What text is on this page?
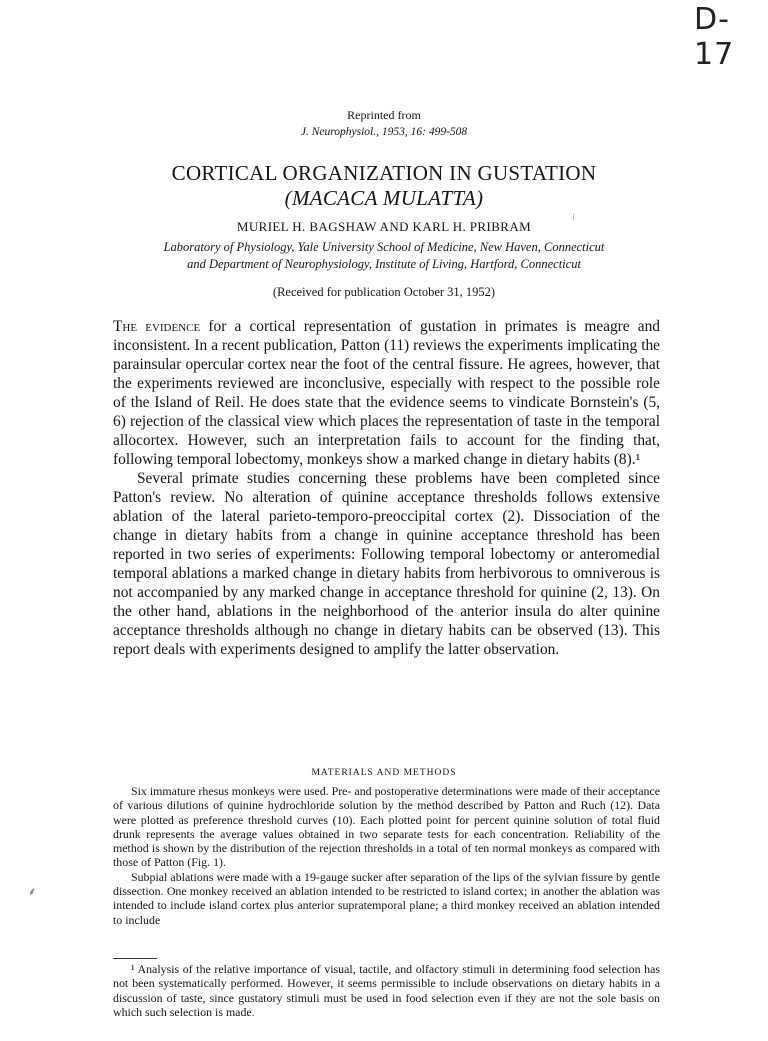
D-17
⁝
⸙
Reprinted from
J. Neurophysiol., 1953, 16: 499-508
CORTICAL ORGANIZATION IN GUSTATION
(MACACA MULATTA)
MURIEL H. BAGSHAW AND KARL H. PRIBRAM
Laboratory of Physiology, Yale University School of Medicine, New Haven, Connecticut
and Department of Neurophysiology, Institute of Living, Hartford, Connecticut
(Received for publication October 31, 1952)

The evidence for a cortical representation of gustation in primates is meagre and inconsistent. In a recent publication, Patton (11) reviews the experiments implicating the parainsular opercular cortex near the foot of the central fissure. He agrees, however, that the experiments reviewed are inconclusive, especially with respect to the possible role of the Island of Reil. He does state that the evidence seems to vindicate Bornstein's (5, 6) rejection of the classical view which places the representation of taste in the temporal allocortex. However, such an interpretation fails to account for the finding that, following temporal lobectomy, monkeys show a marked change in dietary habits (8).¹

Several primate studies concerning these problems have been completed since Patton's review. No alteration of quinine acceptance thresholds follows extensive ablation of the lateral parieto-temporo-preoccipital cortex (2). Dissociation of the change in dietary habits from a change in quinine acceptance threshold has been reported in two series of experiments: Following temporal lobectomy or anteromedial temporal ablations a marked change in dietary habits from herbivorous to omniverous is not accompanied by any marked change in acceptance threshold for quinine (2, 13). On the other hand, ablations in the neighborhood of the anterior insula do alter quinine acceptance thresholds although no change in dietary habits can be observed (13). This report deals with experiments designed to amplify the latter observation.

MATERIALS AND METHODS

Six immature rhesus monkeys were used. Pre- and postoperative determinations were made of their acceptance of various dilutions of quinine hydrochloride solution by the method described by Patton and Ruch (12). Data were plotted as preference threshold curves (10). Each plotted point for percent quinine solution of total fluid drunk represents the average values obtained in two separate tests for each concentration. Reliability of the method is shown by the distribution of the rejection thresholds in a total of ten normal monkeys as compared with those of Patton (Fig. 1).

Subpial ablations were made with a 19-gauge sucker after separation of the lips of the sylvian fissure by gentle dissection. One monkey received an ablation intended to be restricted to island cortex; in another the ablation was intended to include island cortex plus anterior supratemporal plane; a third monkey received an ablation intended to include

¹ Analysis of the relative importance of visual, tactile, and olfactory stimuli in determining food selection has not been systematically performed. However, it seems permissible to include observations on dietary habits in a discussion of taste, since gustatory stimuli must be used in food selection even if they are not the sole basis on which such selection is made.
